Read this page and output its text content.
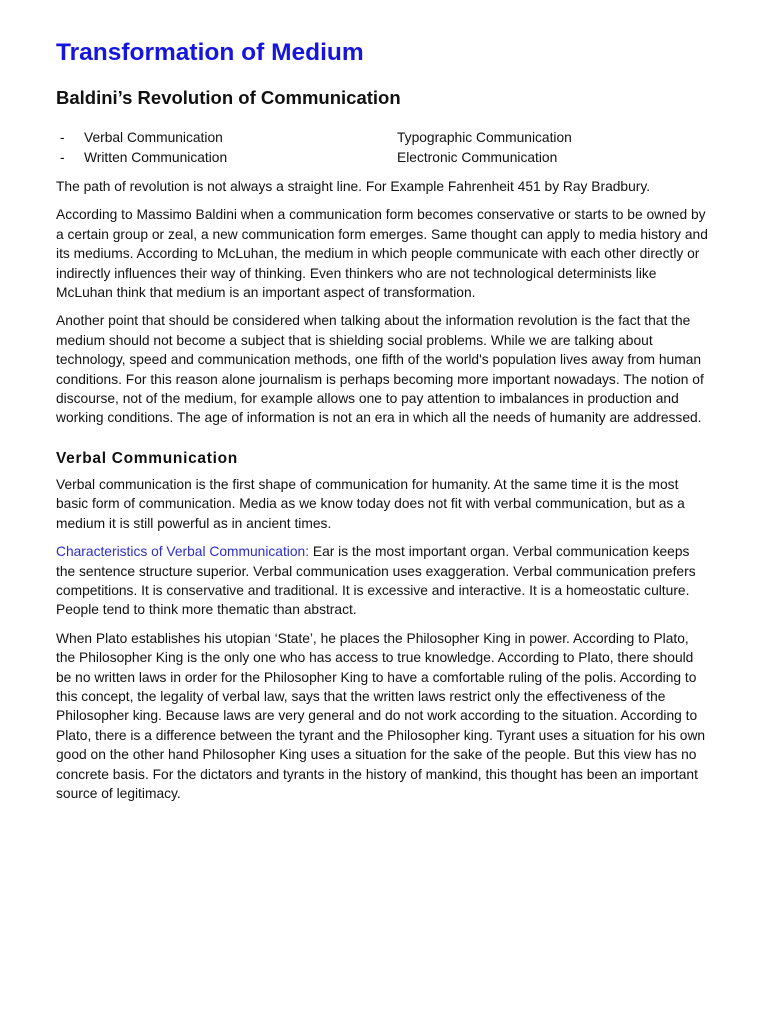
Transformation of Medium
Baldini’s Revolution of Communication
-	Verbal Communication	Typographic Communication
-	Written Communication	Electronic Communication

The path of revolution is not always a straight line. For Example Fahrenheit 451 by Ray Bradbury.

According to Massimo Baldini when a communication form becomes conservative or starts to be owned by a certain group or zeal, a new communication form emerges. Same thought can apply to media history and its mediums. According to McLuhan, the medium in which people communicate with each other directly or indirectly influences their way of thinking. Even thinkers who are not technological determinists like McLuhan think that medium is an important aspect of transformation.

Another point that should be considered when talking about the information revolution is the fact that the medium should not become a subject that is shielding social problems. While we are talking about technology, speed and communication methods, one fifth of the world's population lives away from human conditions. For this reason alone journalism is perhaps becoming more important nowadays. The notion of discourse, not of the medium, for example allows one to pay attention to imbalances in production and working conditions. The age of information is not an era in which all the needs of humanity are addressed.

Verbal Communication

Verbal communication is the first shape of communication for humanity. At the same time it is the most basic form of communication. Media as we know today does not fit with verbal communication, but as a medium it is still powerful as in ancient times.

Characteristics of Verbal Communication: Ear is the most important organ. Verbal communication keeps the sentence structure superior. Verbal communication uses exaggeration. Verbal communication prefers competitions. It is conservative and traditional. It is excessive and interactive. It is a homeostatic culture. People tend to think more thematic than abstract.

When Plato establishes his utopian ‘State’, he places the Philosopher King in power. According to Plato, the Philosopher King is the only one who has access to true knowledge. According to Plato, there should be no written laws in order for the Philosopher King to have a comfortable ruling of the polis. According to this concept, the legality of verbal law, says that the written laws restrict only the effectiveness of the Philosopher king. Because laws are very general and do not work according to the situation. According to Plato, there is a difference between the tyrant and the Philosopher king. Tyrant uses a situation for his own good on the other hand Philosopher King uses a situation for the sake of the people. But this view has no concrete basis. For the dictators and tyrants in the history of mankind, this thought has been an important source of legitimacy.
